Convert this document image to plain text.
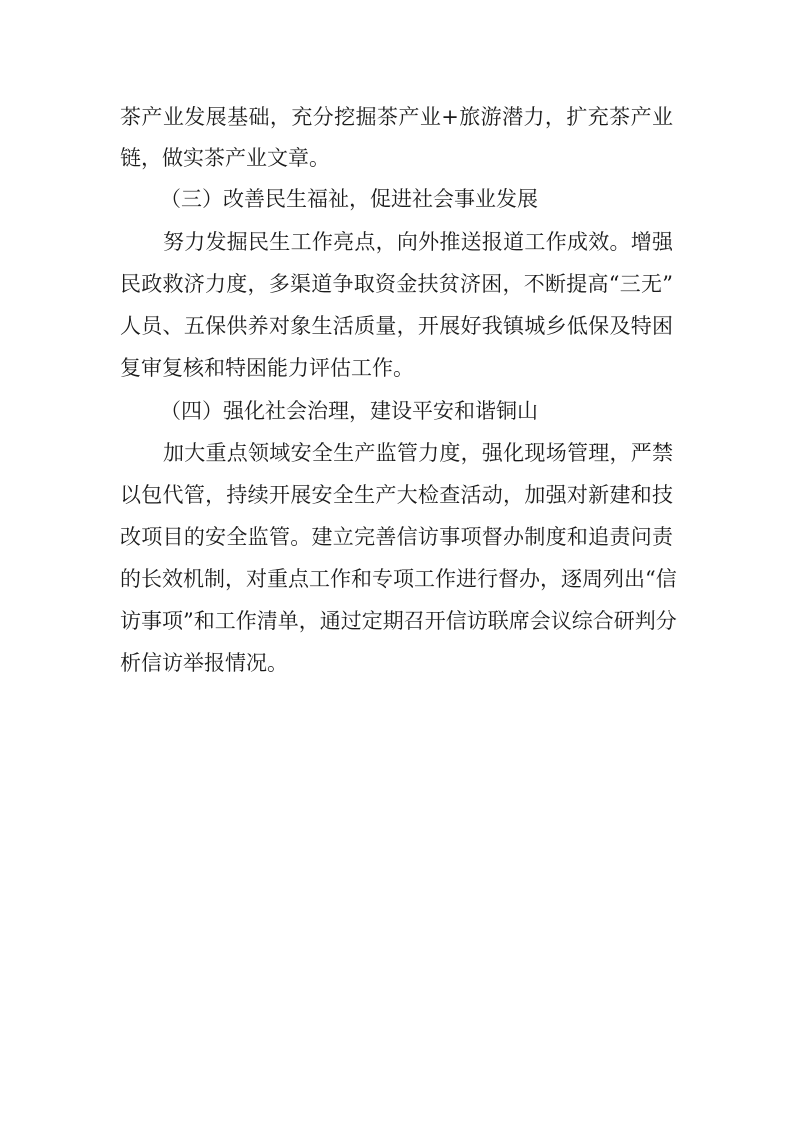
茶产业发展基础，充分挖掘茶产业+旅游潜力，扩充茶产业
链，做实茶产业文章。
（三）改善民生福祉，促进社会事业发展
努力发掘民生工作亮点，向外推送报道工作成效。增强
民政救济力度，多渠道争取资金扶贫济困，不断提高“三无”
人员、五保供养对象生活质量，开展好我镇城乡低保及特困
复审复核和特困能力评估工作。
（四）强化社会治理，建设平安和谐铜山
加大重点领域安全生产监管力度，强化现场管理，严禁
以包代管，持续开展安全生产大检查活动，加强对新建和技
改项目的安全监管。建立完善信访事项督办制度和追责问责
的长效机制，对重点工作和专项工作进行督办，逐周列出“信
访事项”和工作清单，通过定期召开信访联席会议综合研判分
析信访举报情况。
